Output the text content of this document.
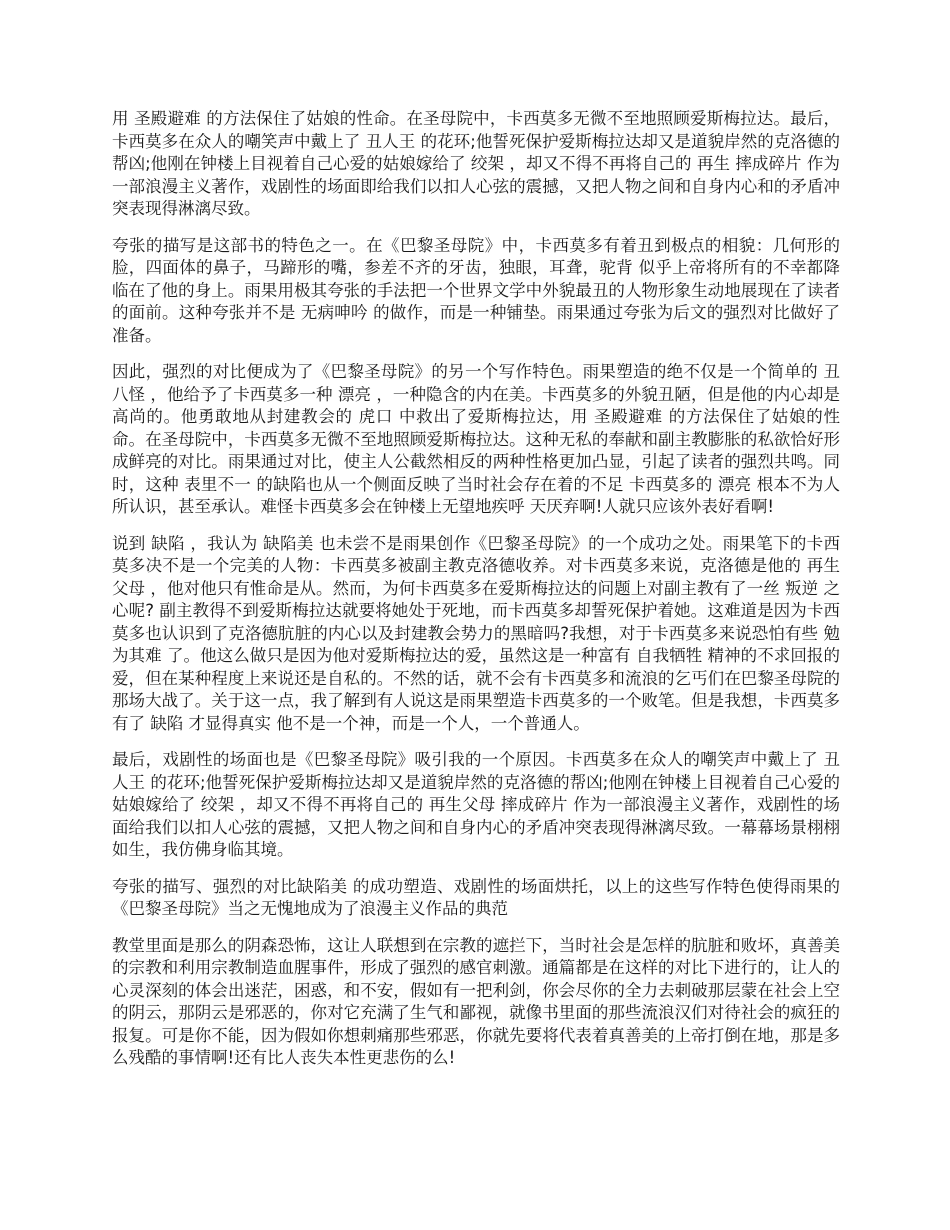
用 圣殿避难 的方法保住了姑娘的性命。在圣母院中，卡西莫多无微不至地照顾爱斯梅拉达。最后，卡西莫多在众人的嘲笑声中戴上了 丑人王 的花环;他誓死保护爱斯梅拉达却又是道貌岸然的克洛德的帮凶;他刚在钟楼上目视着自己心爱的姑娘嫁给了 绞架 ，却又不得不再将自己的 再生 摔成碎片 作为一部浪漫主义著作，戏剧性的场面即给我们以扣人心弦的震撼，又把人物之间和自身内心和的矛盾冲突表现得淋漓尽致。

夸张的描写是这部书的特色之一。在《巴黎圣母院》中，卡西莫多有着丑到极点的相貌：几何形的脸，四面体的鼻子，马蹄形的嘴，参差不齐的牙齿，独眼，耳聋，驼背 似乎上帝将所有的不幸都降临在了他的身上。雨果用极其夸张的手法把一个世界文学中外貌最丑的人物形象生动地展现在了读者的面前。这种夸张并不是 无病呻吟 的做作，而是一种铺垫。雨果通过夸张为后文的强烈对比做好了准备。

因此，强烈的对比便成为了《巴黎圣母院》的另一个写作特色。雨果塑造的绝不仅是一个简单的 丑八怪 ，他给予了卡西莫多一种 漂亮 ，一种隐含的内在美。卡西莫多的外貌丑陋，但是他的内心却是高尚的。他勇敢地从封建教会的 虎口 中救出了爱斯梅拉达，用 圣殿避难 的方法保住了姑娘的性命。在圣母院中，卡西莫多无微不至地照顾爱斯梅拉达。这种无私的奉献和副主教膨胀的私欲恰好形成鲜亮的对比。雨果通过对比，使主人公截然相反的两种性格更加凸显，引起了读者的强烈共鸣。同时，这种 表里不一 的缺陷也从一个侧面反映了当时社会存在着的不足 卡西莫多的 漂亮 根本不为人所认识，甚至承认。难怪卡西莫多会在钟楼上无望地疾呼 天厌弃啊!人就只应该外表好看啊!

说到 缺陷 ，我认为 缺陷美 也未尝不是雨果创作《巴黎圣母院》的一个成功之处。雨果笔下的卡西莫多决不是一个完美的人物：卡西莫多被副主教克洛德收养。对卡西莫多来说，克洛德是他的 再生父母 ，他对他只有惟命是从。然而，为何卡西莫多在爱斯梅拉达的问题上对副主教有了一丝 叛逆 之心呢? 副主教得不到爱斯梅拉达就要将她处于死地，而卡西莫多却誓死保护着她。这难道是因为卡西莫多也认识到了克洛德肮脏的内心以及封建教会势力的黑暗吗?我想，对于卡西莫多来说恐怕有些 勉为其难 了。他这么做只是因为他对爱斯梅拉达的爱，虽然这是一种富有 自我牺牲 精神的不求回报的爱，但在某种程度上来说还是自私的。不然的话，就不会有卡西莫多和流浪的乞丐们在巴黎圣母院的那场大战了。关于这一点，我了解到有人说这是雨果塑造卡西莫多的一个败笔。但是我想，卡西莫多有了 缺陷 才显得真实 他不是一个神，而是一个人，一个普通人。

最后，戏剧性的场面也是《巴黎圣母院》吸引我的一个原因。卡西莫多在众人的嘲笑声中戴上了 丑人王 的花环;他誓死保护爱斯梅拉达却又是道貌岸然的克洛德的帮凶;他刚在钟楼上目视着自己心爱的姑娘嫁给了 绞架 ，却又不得不再将自己的 再生父母 摔成碎片 作为一部浪漫主义著作，戏剧性的场面给我们以扣人心弦的震撼，又把人物之间和自身内心的矛盾冲突表现得淋漓尽致。一幕幕场景栩栩如生，我仿佛身临其境。

夸张的描写、强烈的对比缺陷美 的成功塑造、戏剧性的场面烘托，以上的这些写作特色使得雨果的《巴黎圣母院》当之无愧地成为了浪漫主义作品的典范

教堂里面是那么的阴森恐怖，这让人联想到在宗教的遮拦下，当时社会是怎样的肮脏和败坏，真善美的宗教和利用宗教制造血腥事件，形成了强烈的感官刺激。通篇都是在这样的对比下进行的，让人的心灵深刻的体会出迷茫，困惑，和不安，假如有一把利剑，你会尽你的全力去刺破那层蒙在社会上空的阴云，那阴云是邪恶的，你对它充满了生气和鄙视，就像书里面的那些流浪汉们对待社会的疯狂的报复。可是你不能，因为假如你想刺痛那些邪恶，你就先要将代表着真善美的上帝打倒在地，那是多么残酷的事情啊!还有比人丧失本性更悲伤的么!
